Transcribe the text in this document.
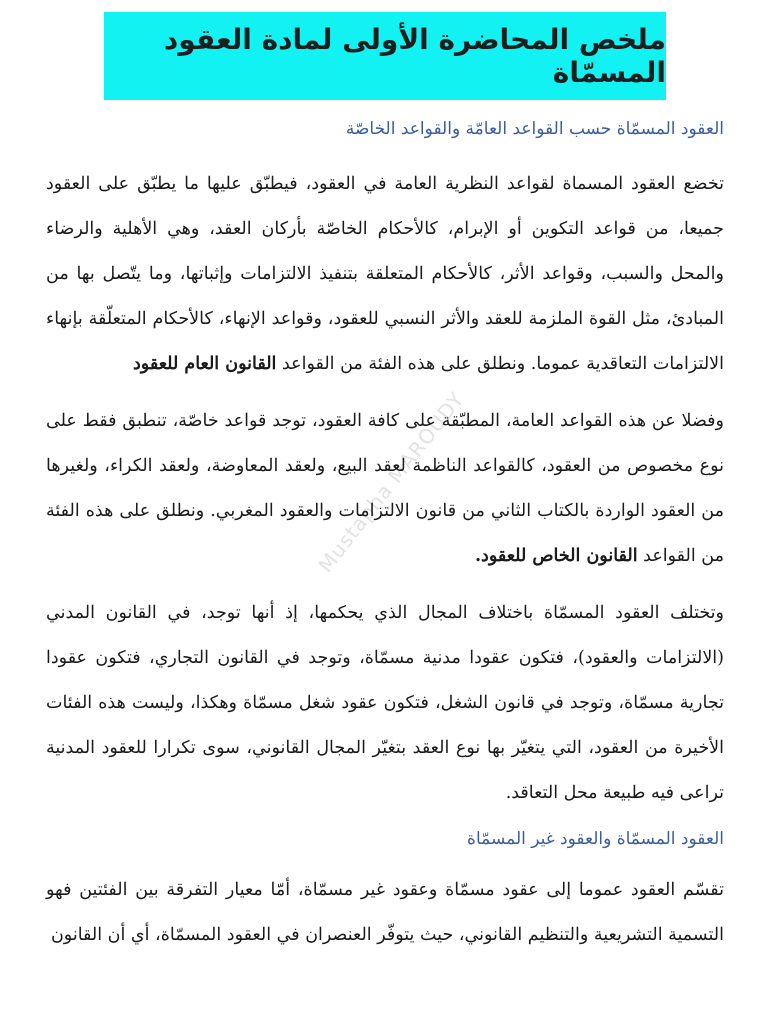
ملخص المحاضرة الأولى لمادة العقود المسمّاة
Mustapha MAROUDY
العقود المسمّاة حسب القواعد العامّة والقواعد الخاصّة

تخضع العقود المسماة لقواعد النظرية العامة في العقود، فيطبّق عليها ما يطبّق على العقود جميعا، من قواعد التكوين أو الإبرام، كالأحكام الخاصّة بأركان العقد، وهي الأهلية والرضاء والمحل والسبب، وقواعد الأثر، كالأحكام المتعلقة بتنفيذ الالتزامات وإثباتها، وما يتّصل بها من المبادئ، مثل القوة الملزمة للعقد والأثر النسبي للعقود، وقواعد الإنهاء، كالأحكام المتعلّقة بإنهاء الالتزامات التعاقدية عموما. ونطلق على هذه الفئة من القواعد القانون العام للعقود

وفضلا عن هذه القواعد العامة، المطبّقة على كافة العقود، توجد قواعد خاصّة، تنطبق فقط على نوع مخصوص من العقود، كالقواعد الناظمة لعقد البيع، ولعقد المعاوضة، ولعقد الكراء، ولغيرها من العقود الواردة بالكتاب الثاني من قانون الالتزامات والعقود المغربي. ونطلق على هذه الفئة من القواعد القانون الخاص للعقود.

وتختلف العقود المسمّاة باختلاف المجال الذي يحكمها، إذ أنها توجد، في القانون المدني (الالتزامات والعقود)، فتكون عقودا مدنية مسمّاة، وتوجد في القانون التجاري، فتكون عقودا تجارية مسمّاة، وتوجد في قانون الشغل، فتكون عقود شغل مسمّاة وهكذا، وليست هذه الفئات الأخيرة من العقود، التي يتغيّر بها نوع العقد بتغيّر المجال القانوني، سوى تكرارا للعقود المدنية تراعى فيه طبيعة محل التعاقد.

العقود المسمّاة والعقود غير المسمّاة

تقسّم العقود عموما إلى عقود مسمّاة وعقود غير مسمّاة، أمّا معيار التفرقة بين الفئتين فهو التسمية التشريعية والتنظيم القانوني، حيث يتوفّر العنصران في العقود المسمّاة، أي أن القانون
